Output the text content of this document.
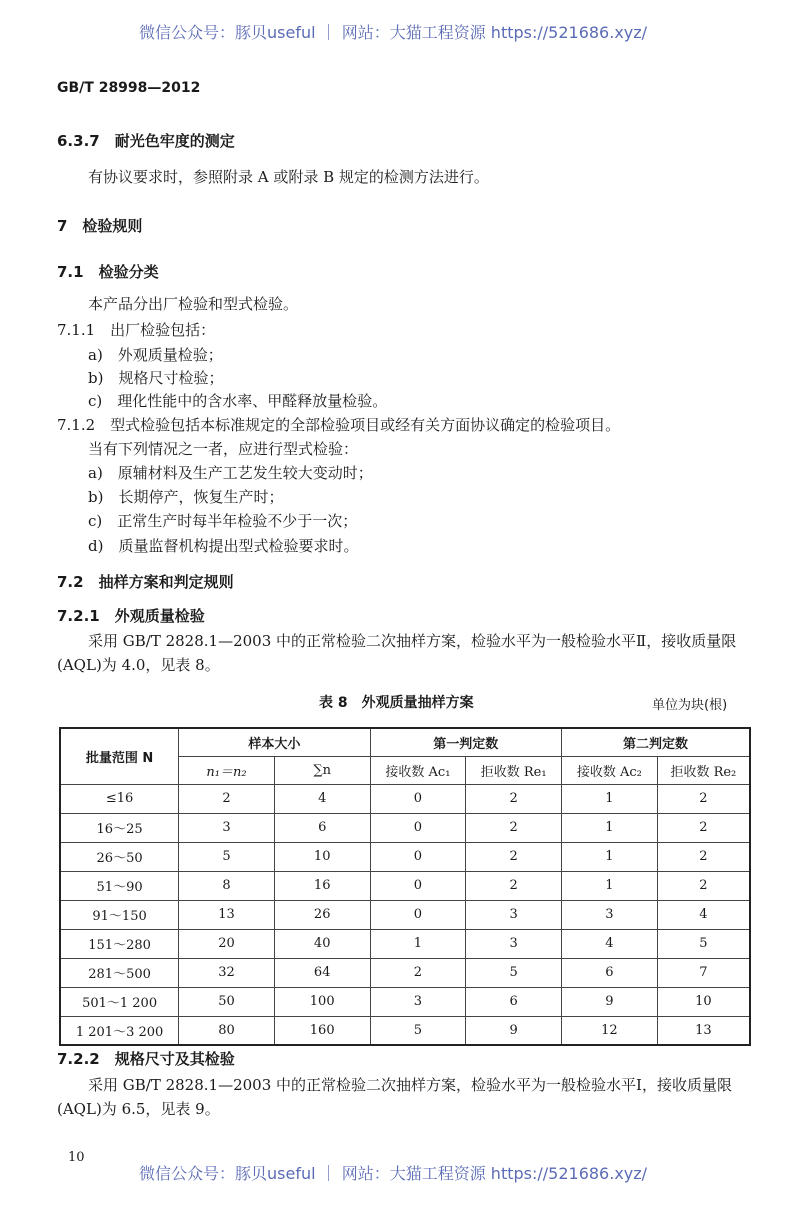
微信公众号：豚贝useful ｜ 网站：大猫工程资源 https://521686.xyz/
GB/T 28998—2012
6.3.7　耐光色牢度的测定
有协议要求时，参照附录 A 或附录 B 规定的检测方法进行。
7　检验规则
7.1　检验分类
本产品分出厂检验和型式检验。
7.1.1　出厂检验包括：
a)　外观质量检验；
b)　规格尺寸检验；
c)　理化性能中的含水率、甲醛释放量检验。
7.1.2　型式检验包括本标准规定的全部检验项目或经有关方面协议确定的检验项目。
当有下列情况之一者，应进行型式检验：
a)　原辅材料及生产工艺发生较大变动时；
b)　长期停产，恢复生产时；
c)　正常生产时每半年检验不少于一次；
d)　质量监督机构提出型式检验要求时。
7.2　抽样方案和判定规则
7.2.1　外观质量检验
采用 GB/T 2828.1—2003 中的正常检验二次抽样方案，检验水平为一般检验水平Ⅱ，接收质量限
(AQL)为 4.0，见表 8。
表 8　外观质量抽样方案	单位为块(根)
批量范围 N	样本大小		第一判定数		第二判定数	
	n₁＝n₂	∑n	接收数 Ac₁	拒收数 Re₁	接收数 Ac₂	拒收数 Re₂
≤16	2	4	0	2	1	2
16～25	3	6	0	2	1	2
26～50	5	10	0	2	1	2
51～90	8	16	0	2	1	2
91～150	13	26	0	3	3	4
151～280	20	40	1	3	4	5
281～500	32	64	2	5	6	7
501～1 200	50	100	3	6	9	10
1 201～3 200	80	160	5	9	12	13
7.2.2　规格尺寸及其检验
采用 GB/T 2828.1—2003 中的正常检验二次抽样方案，检验水平为一般检验水平Ⅰ，接收质量限
(AQL)为 6.5，见表 9。
10
微信公众号：豚贝useful ｜ 网站：大猫工程资源 https://521686.xyz/
